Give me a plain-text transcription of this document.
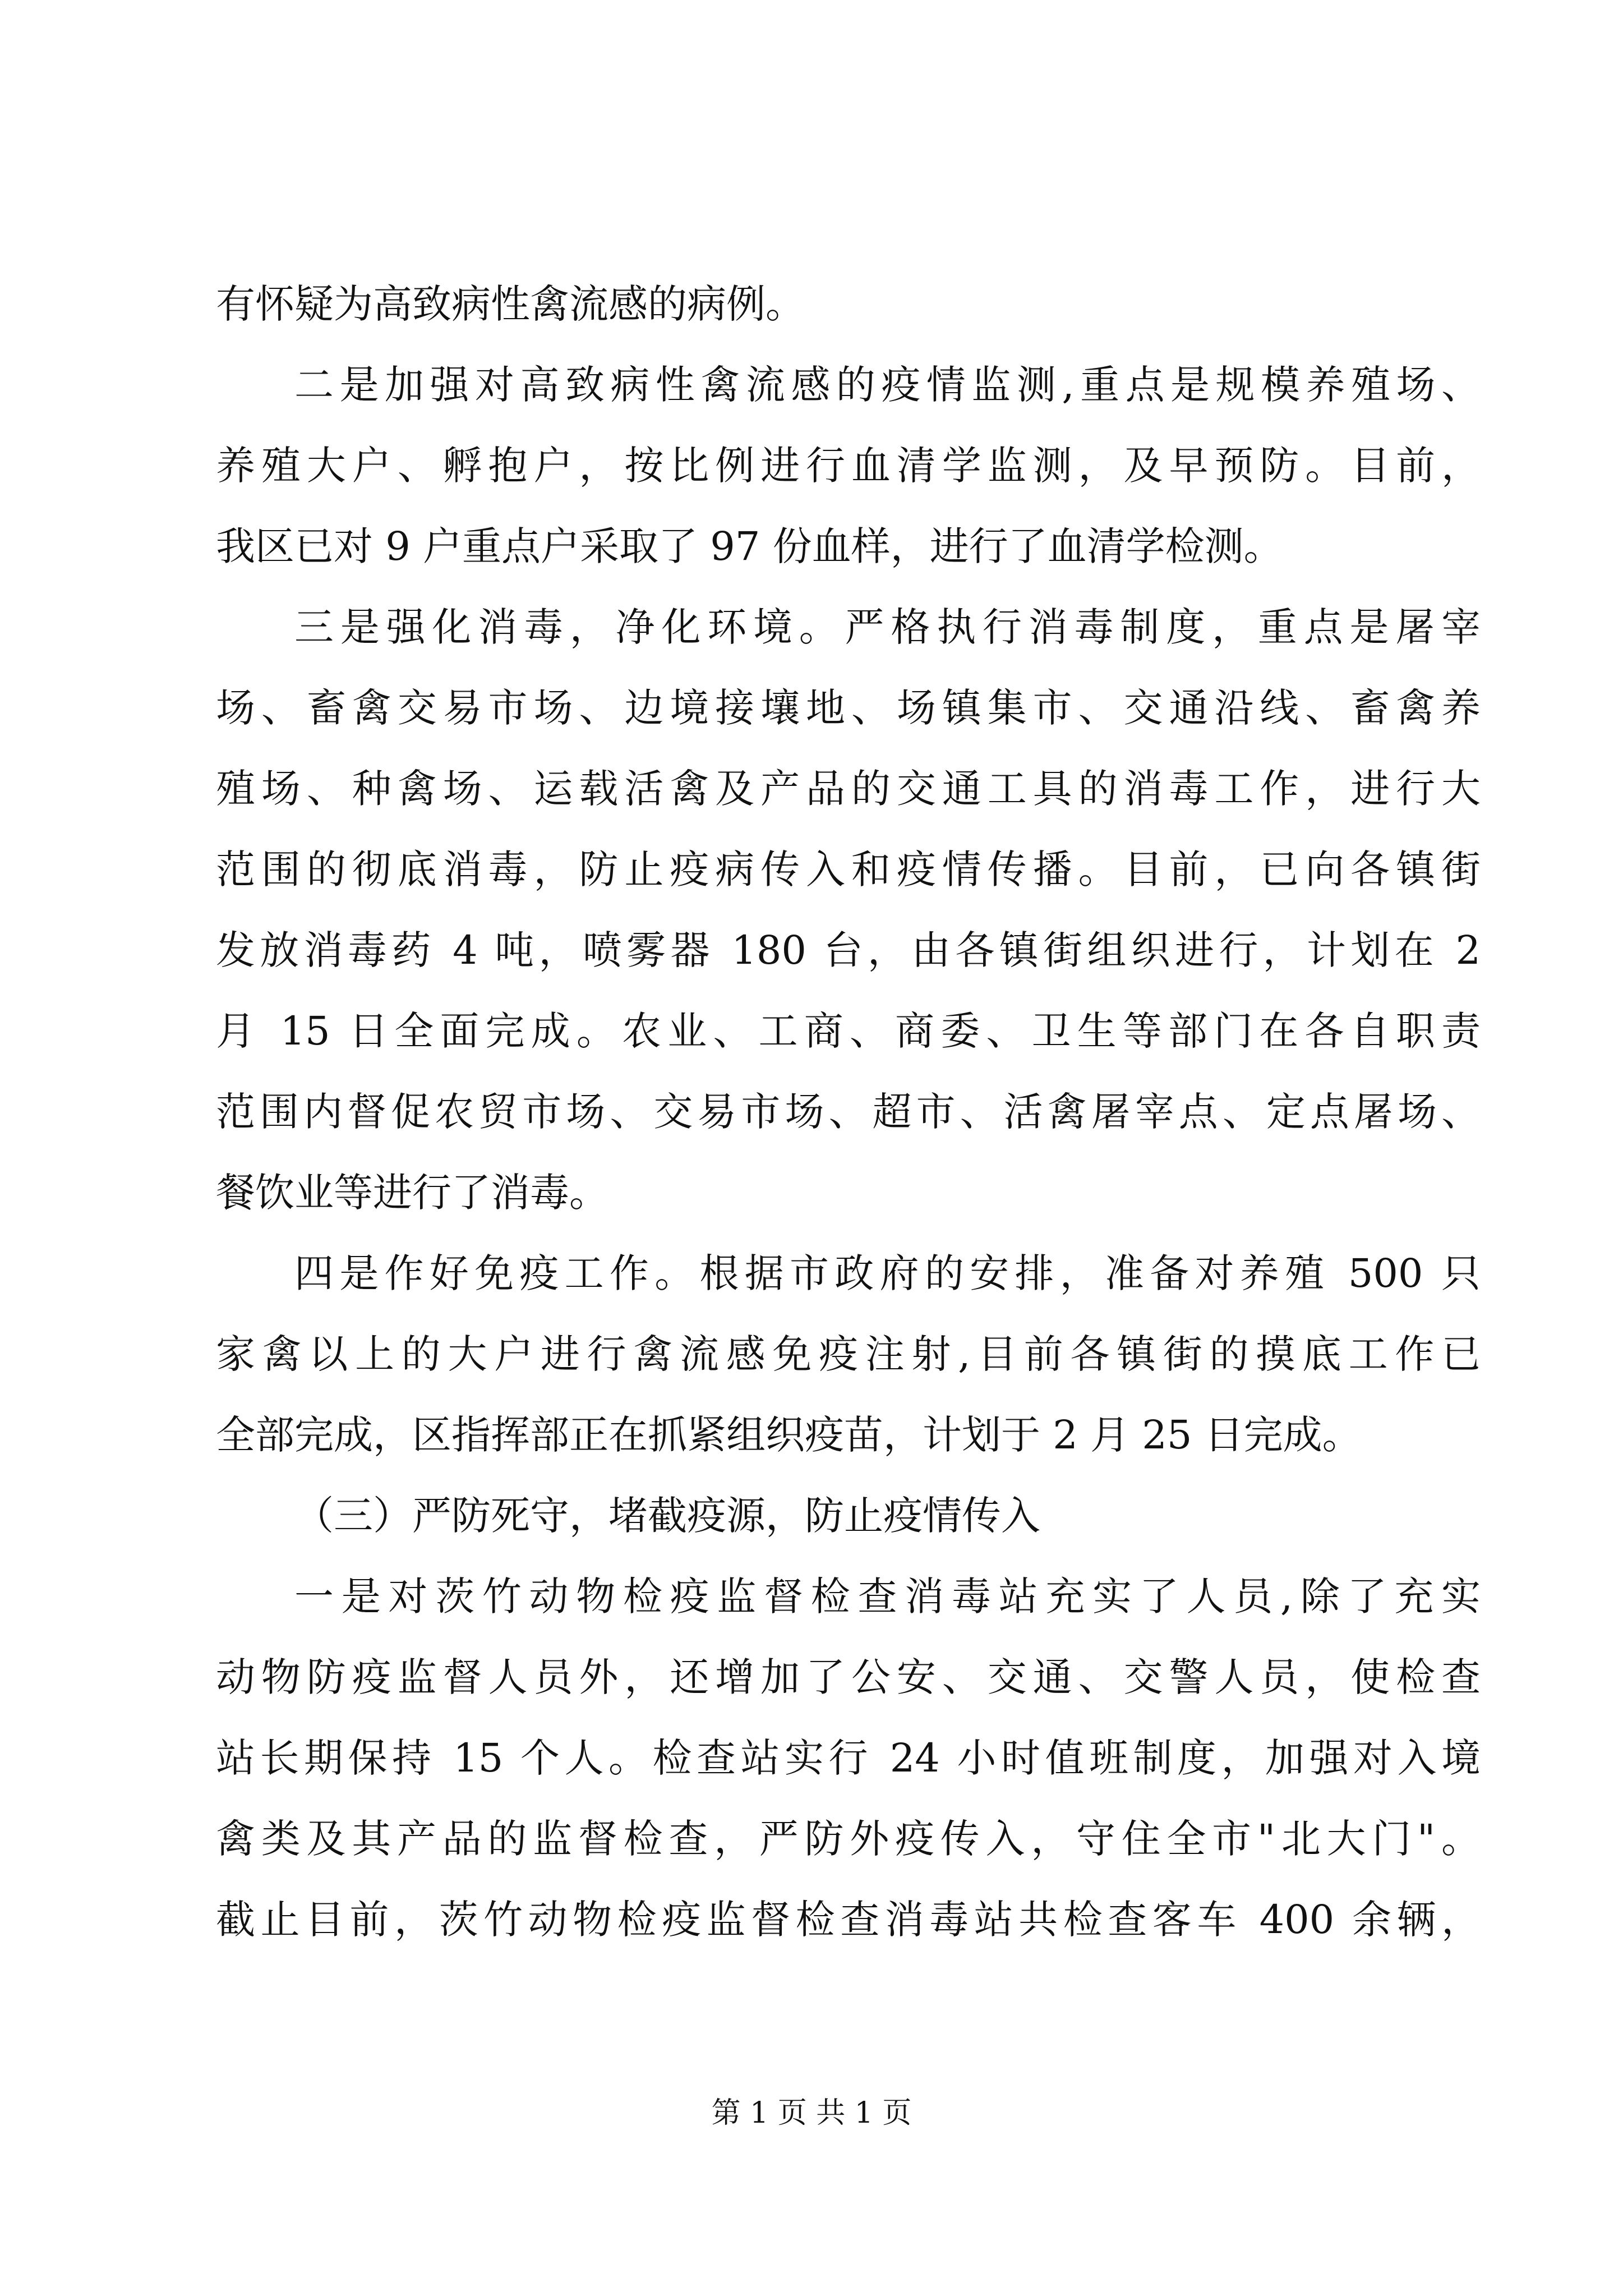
有怀疑为高致病性禽流感的病例。
二是加强对高致病性禽流感的疫情监测,重点是规模养殖场、
养殖大户、孵抱户，按比例进行血清学监测，及早预防。目前，
我区已对 9 户重点户采取了 97 份血样，进行了血清学检测。
三是强化消毒，净化环境。严格执行消毒制度，重点是屠宰
场、畜禽交易市场、边境接壤地、场镇集市、交通沿线、畜禽养
殖场、种禽场、运载活禽及产品的交通工具的消毒工作，进行大
范围的彻底消毒，防止疫病传入和疫情传播。目前，已向各镇街
发放消毒药 4 吨，喷雾器 180 台，由各镇街组织进行，计划在 2
月 15 日全面完成。农业、工商、商委、卫生等部门在各自职责
范围内督促农贸市场、交易市场、超市、活禽屠宰点、定点屠场、
餐饮业等进行了消毒。
四是作好免疫工作。根据市政府的安排，准备对养殖 500 只
家禽以上的大户进行禽流感免疫注射,目前各镇街的摸底工作已
全部完成，区指挥部正在抓紧组织疫苗，计划于 2 月 25 日完成。
（三）严防死守，堵截疫源，防止疫情传入
一是对茨竹动物检疫监督检查消毒站充实了人员,除了充实
动物防疫监督人员外，还增加了公安、交通、交警人员，使检查
站长期保持 15 个人。检查站实行 24 小时值班制度，加强对入境
禽类及其产品的监督检查，严防外疫传入，守住全市"北大门"。
截止目前，茨竹动物检疫监督检查消毒站共检查客车 400 余辆，
第 1 页 共 1 页
